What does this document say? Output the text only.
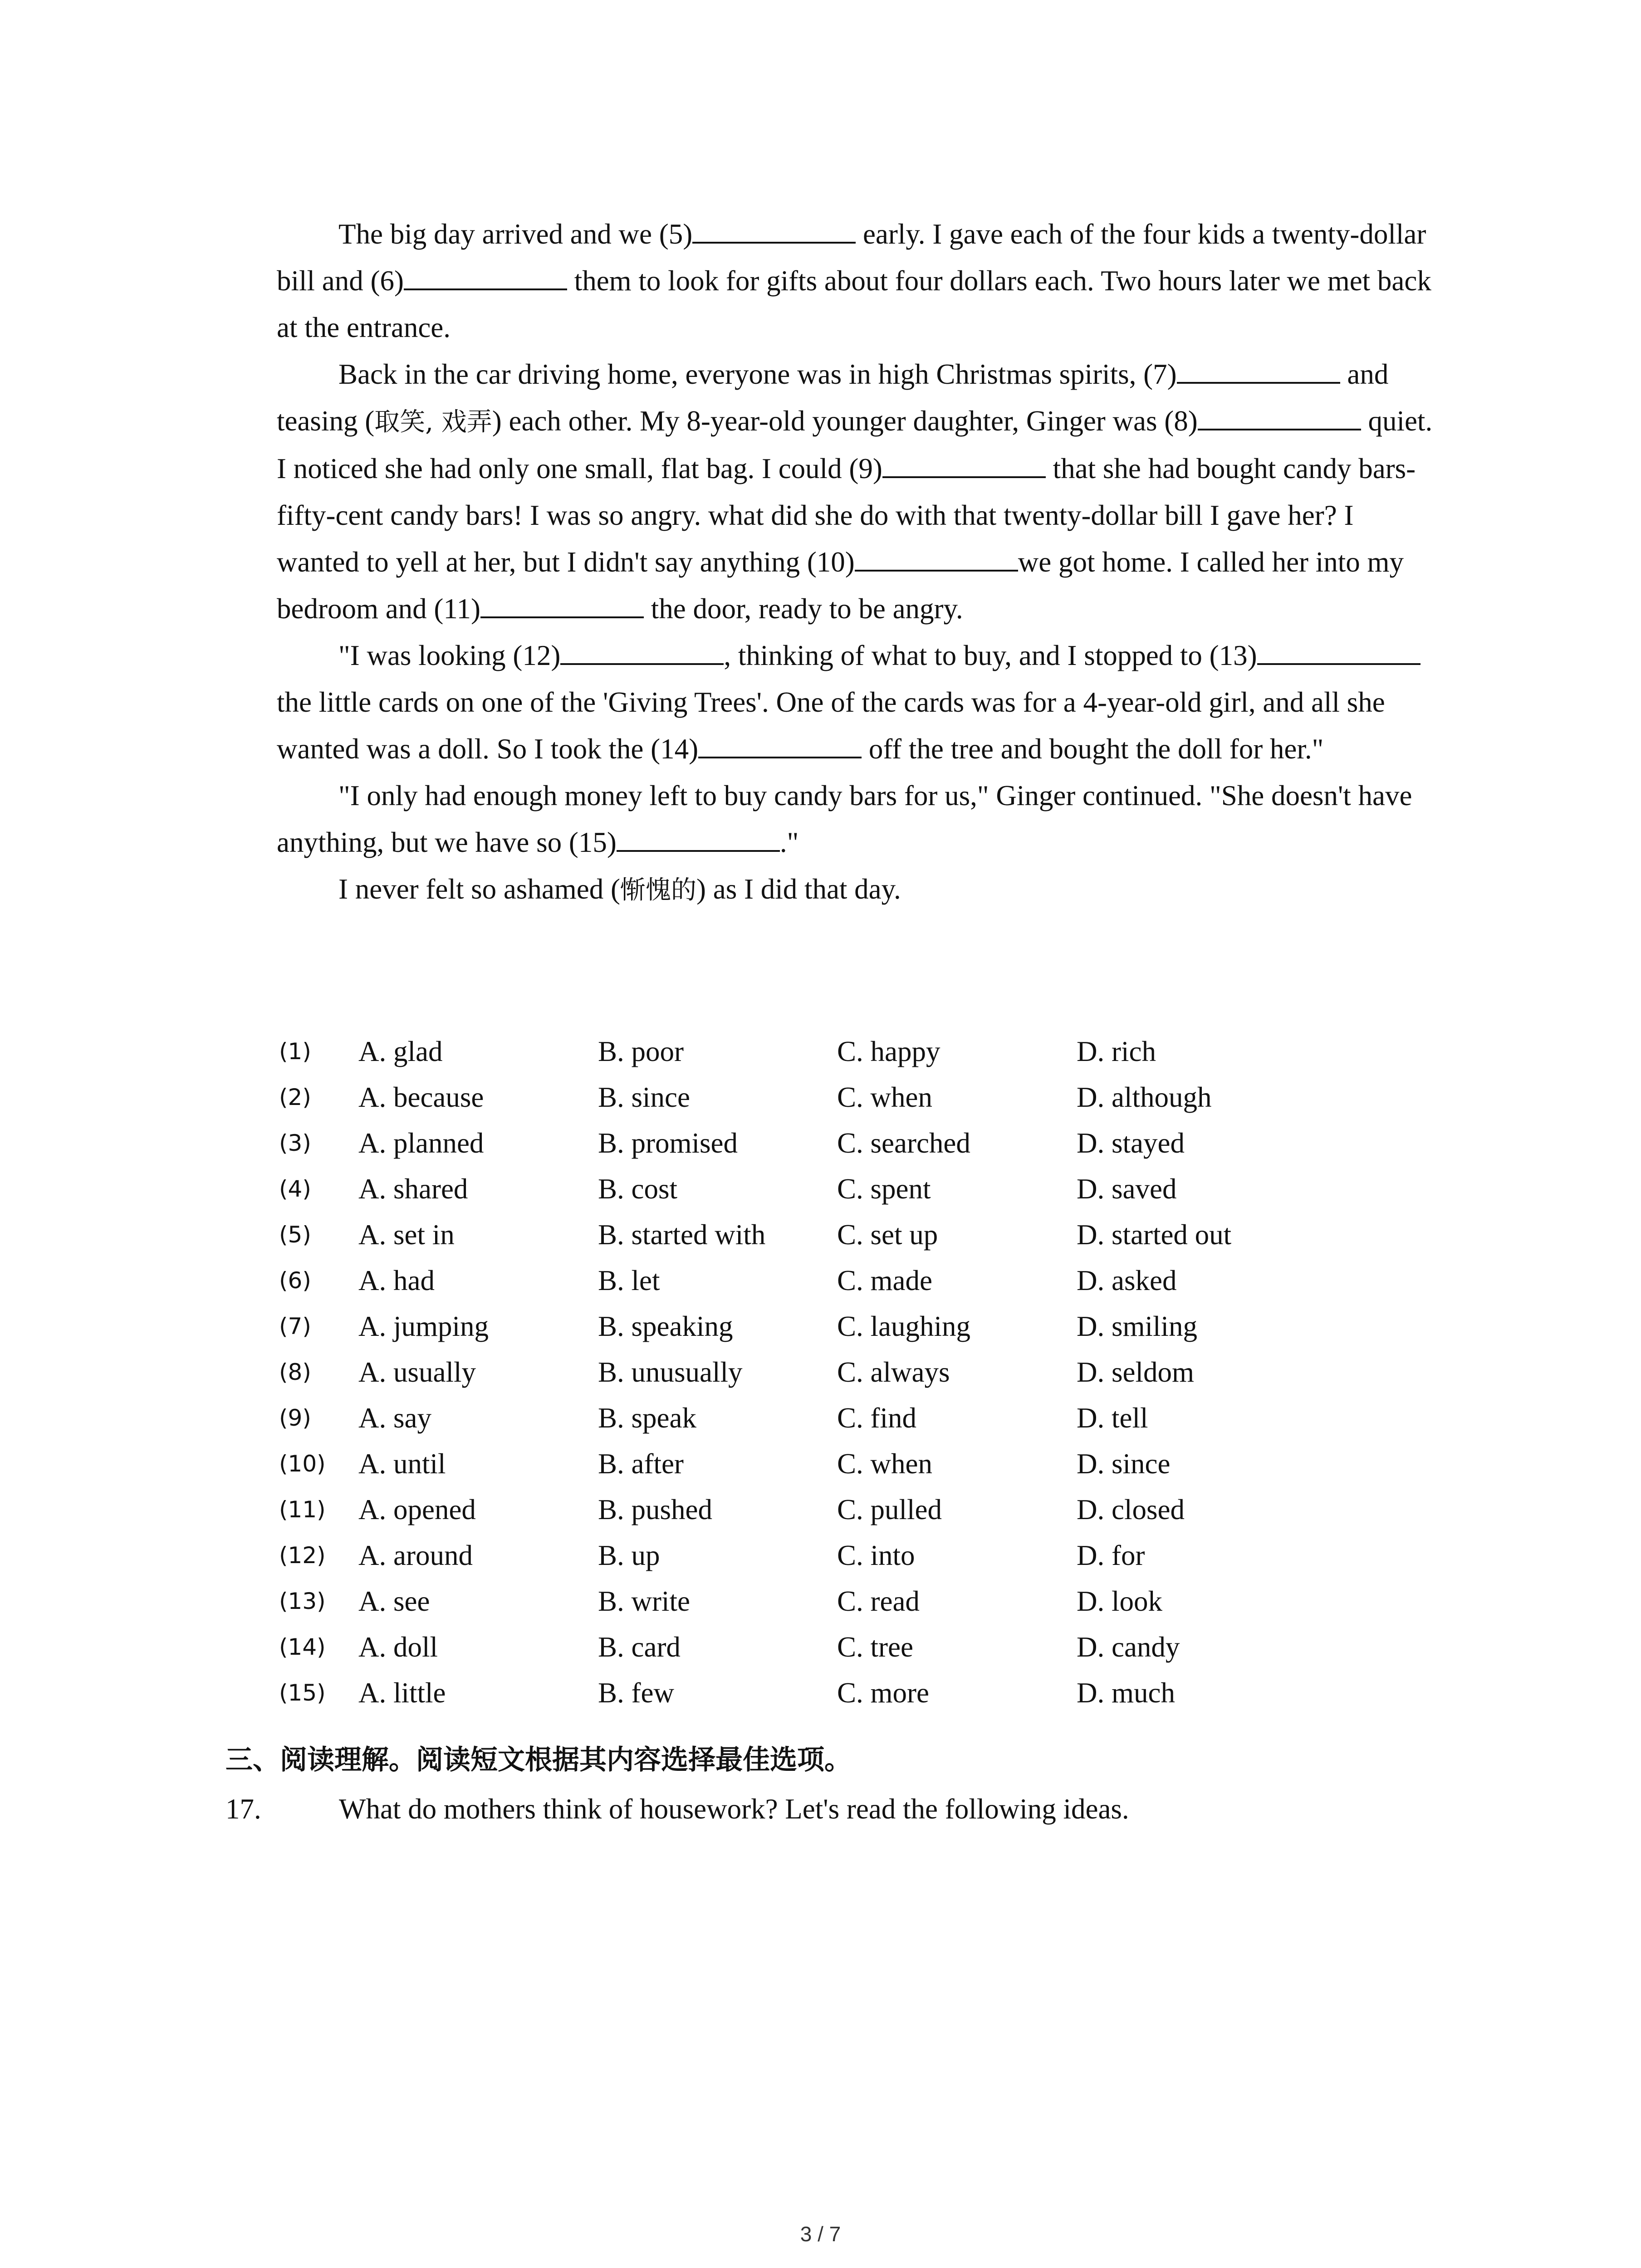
The big day arrived and we (5)	early. I gave each of the four kids a twenty-dollar bill and (6)	them to look for gifts about four dollars each. Two hours later we met back at the entrance.

Back in the car driving home, everyone was in high Christmas spirits, (7)	and teasing (取笑, 戏弄) each other. My 8-year-old younger daughter, Ginger was (8)	quiet. I noticed she had only one small, flat bag. I could (9)	that she had bought candy bars-fifty-cent candy bars! I was so angry. what did she do with that twenty-dollar bill I gave her? I wanted to yell at her, but I didn't say anything (10)	we got home. I called her into my bedroom and (11)	the door, ready to be angry.

"I was looking (12)	, thinking of what to buy, and I stopped to (13) the little cards on one of the 'Giving Trees'. One of the cards was for a 4-year-old girl, and all she wanted was a doll. So I took the (14)	off the tree and bought the doll for her."

"I only had enough money left to buy candy bars for us," Ginger continued. "She doesn't have anything, but we have so (15)	."

I never felt so ashamed (惭愧的) as I did that day.

(1) A. glad	B. poor	C. happy	D. rich
(2) A. because	B. since	C. when	D. although
(3) A. planned	B. promised	C. searched	D. stayed
(4) A. shared	B. cost	C. spent	D. saved
(5) A. set in	B. started with	C. set up	D. started out
(6) A. had	B. let	C. made	D. asked
(7) A. jumping	B. speaking	C. laughing	D. smiling
(8) A. usually	B. unusually	C. always	D. seldom
(9) A. say	B. speak	C. find	D. tell
(10) A. until	B. after	C. when	D. since
(11) A. opened	B. pushed	C. pulled	D. closed
(12) A. around	B. up	C. into	D. for
(13) A. see	B. write	C. read	D. look
(14) A. doll	B. card	C. tree	D. candy
(15) A. little	B. few	C. more	D. much
三、阅读理解。阅读短文根据其内容选择最佳选项。
17.	What do mothers think of housework? Let's read the following ideas.
3 / 7
